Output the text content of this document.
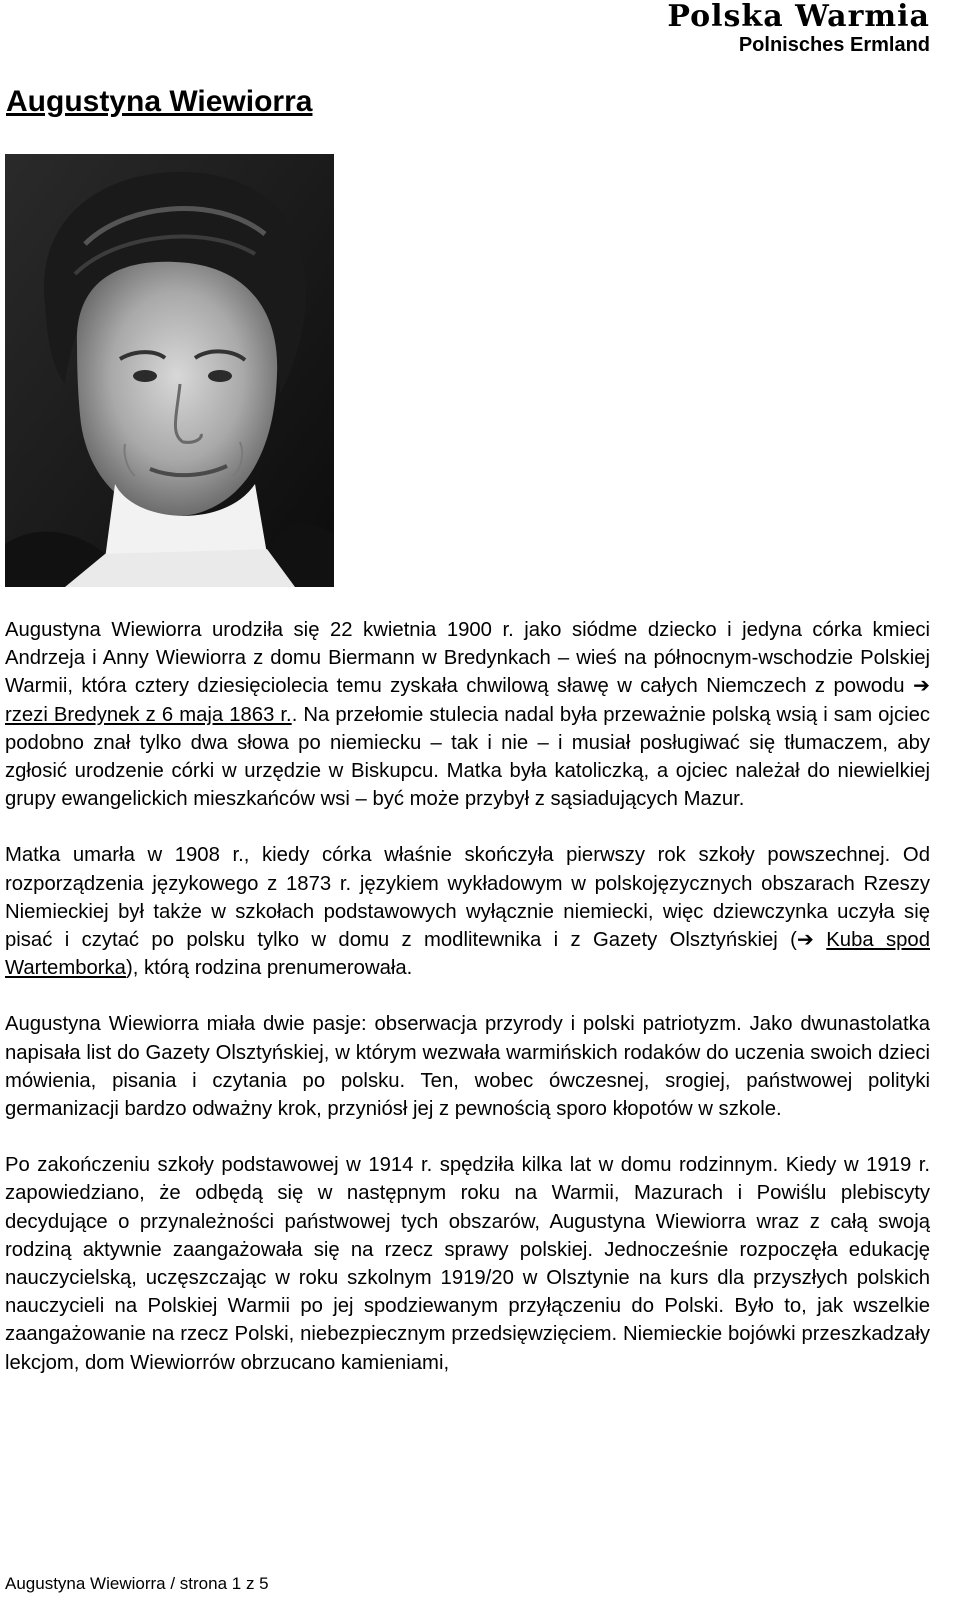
Polska Warmia
Polnisches Ermland
Augustyna Wiewiorra

Augustyna Wiewiorra urodziła się 22 kwietnia 1900 r. jako siódme dziecko i jedyna córka kmieci Andrzeja i Anny Wiewiorra z domu Biermann w Bredynkach – wieś na północnym-wschodzie Polskiej Warmii, która cztery dziesięciolecia temu zyskała chwilową sławę w całych Niemczech z powodu ➔ rzezi Bredynek z 6 maja 1863 r.. Na przełomie stulecia nadal była przeważnie polską wsią i sam ojciec podobno znał tylko dwa słowa po niemiecku – tak i nie – i musiał posługiwać się tłumaczem, aby zgłosić urodzenie córki w urzędzie w Biskupcu. Matka była katoliczką, a ojciec należał do niewielkiej grupy ewangelickich mieszkańców wsi – być może przybył z sąsiadujących Mazur.

Matka umarła w 1908 r., kiedy córka właśnie skończyła pierwszy rok szkoły powszechnej. Od rozporządzenia językowego z 1873 r. językiem wykładowym w polskojęzycznych obszarach Rzeszy Niemieckiej był także w szkołach podstawowych wyłącznie niemiecki, więc dziewczynka uczyła się pisać i czytać po polsku tylko w domu z modlitewnika i z Gazety Olsztyńskiej (➔ Kuba spod Wartemborka), którą rodzina prenumerowała.

Augustyna Wiewiorra miała dwie pasje: obserwacja przyrody i polski patriotyzm. Jako dwunastolatka napisała list do Gazety Olsztyńskiej, w którym wezwała warmińskich rodaków do uczenia swoich dzieci mówienia, pisania i czytania po polsku. Ten, wobec ówczesnej, srogiej, państwowej polityki germanizacji bardzo odważny krok, przyniósł jej z pewnością sporo kłopotów w szkole.

Po zakończeniu szkoły podstawowej w 1914 r. spędziła kilka lat w domu rodzinnym. Kiedy w 1919 r. zapowiedziano, że odbędą się w następnym roku na Warmii, Mazurach i Powiślu plebiscyty decydujące o przynależności państwowej tych obszarów, Augustyna Wiewiorra wraz z całą swoją rodziną aktywnie zaangażowała się na rzecz sprawy polskiej. Jednocześnie rozpoczęła edukację nauczycielską, uczęszczając w roku szkolnym 1919/20 w Olsztynie na kurs dla przyszłych polskich nauczycieli na Polskiej Warmii po jej spodziewanym przyłączeniu do Polski. Było to, jak wszelkie zaangażowanie na rzecz Polski, niebezpiecznym przedsięwzięciem. Niemieckie bojówki przeszkadzały lekcjom, dom Wiewiorrów obrzucano kamieniami,

Augustyna Wiewiorra / strona 1 z 5
